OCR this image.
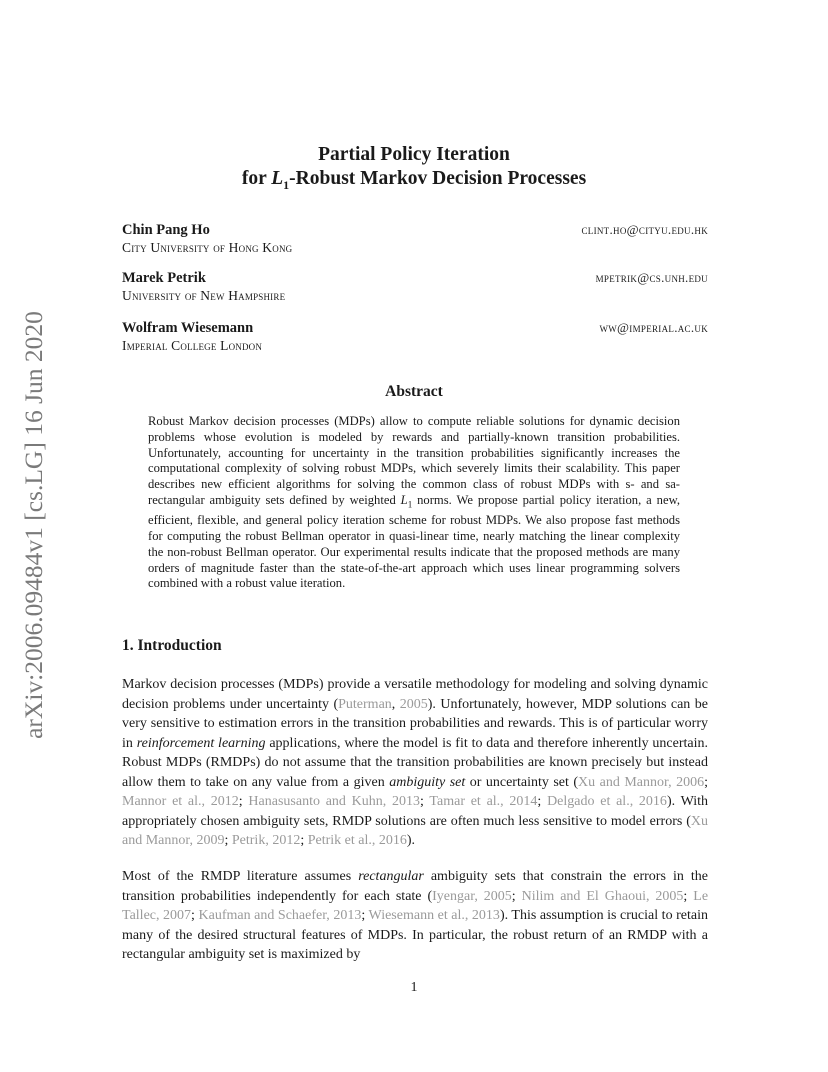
arXiv:2006.09484v1 [cs.LG] 16 Jun 2020
Partial Policy Iteration
for $L_1$-Robust Markov Decision Processes
Chin Pang Ho
City University of Hong Kong
clint.ho@cityu.edu.hk
Marek Petrik
University of New Hampshire
mpetrik@cs.unh.edu
Wolfram Wiesemann
Imperial College London
ww@imperial.ac.uk
Abstract
Robust Markov decision processes (MDPs) allow to compute reliable solutions for dynamic decision problems whose evolution is modeled by rewards and partially-known transition probabilities. Unfortunately, accounting for uncertainty in the transition probabilities significantly increases the computational complexity of solving robust MDPs, which severely limits their scalability. This paper describes new efficient algorithms for solving the common class of robust MDPs with s- and sa-rectangular ambiguity sets defined by weighted $L_1$ norms. We propose partial policy iteration, a new, efficient, flexible, and general policy iteration scheme for robust MDPs. We also propose fast methods for computing the robust Bellman operator in quasi-linear time, nearly matching the linear complexity the non-robust Bellman operator. Our experimental results indicate that the proposed methods are many orders of magnitude faster than the state-of-the-art approach which uses linear programming solvers combined with a robust value iteration.
1. Introduction

Markov decision processes (MDPs) provide a versatile methodology for modeling and solving dynamic decision problems under uncertainty (Puterman, 2005). Unfortunately, however, MDP solutions can be very sensitive to estimation errors in the transition probabilities and rewards. This is of particular worry in reinforcement learning applications, where the model is fit to data and therefore inherently uncertain. Robust MDPs (RMDPs) do not assume that the transition probabilities are known precisely but instead allow them to take on any value from a given ambiguity set or uncertainty set (Xu and Mannor, 2006; Mannor et al., 2012; Hanasusanto and Kuhn, 2013; Tamar et al., 2014; Delgado et al., 2016). With appropriately chosen ambiguity sets, RMDP solutions are often much less sensitive to model errors (Xu and Mannor, 2009; Petrik, 2012; Petrik et al., 2016).

Most of the RMDP literature assumes rectangular ambiguity sets that constrain the errors in the transition probabilities independently for each state (Iyengar, 2005; Nilim and El Ghaoui, 2005; Le Tallec, 2007; Kaufman and Schaefer, 2013; Wiesemann et al., 2013). This assumption is crucial to retain many of the desired structural features of MDPs. In particular, the robust return of an RMDP with a rectangular ambiguity set is maximized by

1
